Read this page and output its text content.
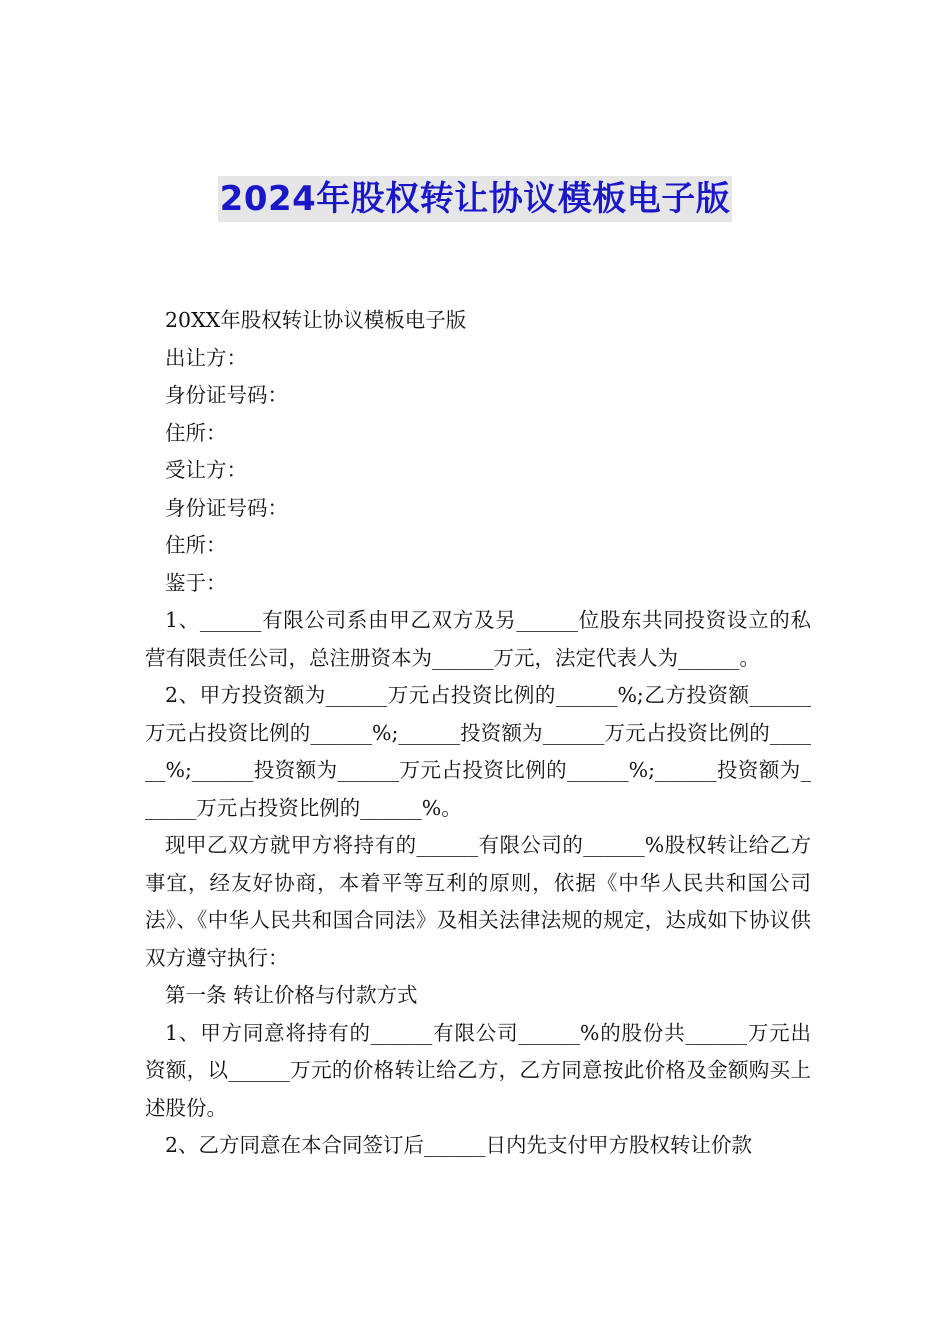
2024年股权转让协议模板电子版

20XX年股权转让协议模板电子版

出让方：

身份证号码：

住所：

受让方：

身份证号码：

住所：

鉴于：

1、______有限公司系由甲乙双方及另______位股东共同投资设立的私营有限责任公司，总注册资本为______万元，法定代表人为______。

2、甲方投资额为______万元占投资比例的______%;乙方投资额______万元占投资比例的______%;______投资额为______万元占投资比例的______%;______投资额为______万元占投资比例的______%;______投资额为______万元占投资比例的______%。

现甲乙双方就甲方将持有的______有限公司的______%股权转让给乙方事宜，经友好协商，本着平等互利的原则，依据《中华人民共和国公司法》、《中华人民共和国合同法》及相关法律法规的规定，达成如下协议供双方遵守执行：

第一条 转让价格与付款方式

1、甲方同意将持有的______有限公司______%的股份共______万元出资额，以______万元的价格转让给乙方，乙方同意按此价格及金额购买上述股份。

2、乙方同意在本合同签订后______日内先支付甲方股权转让价款
